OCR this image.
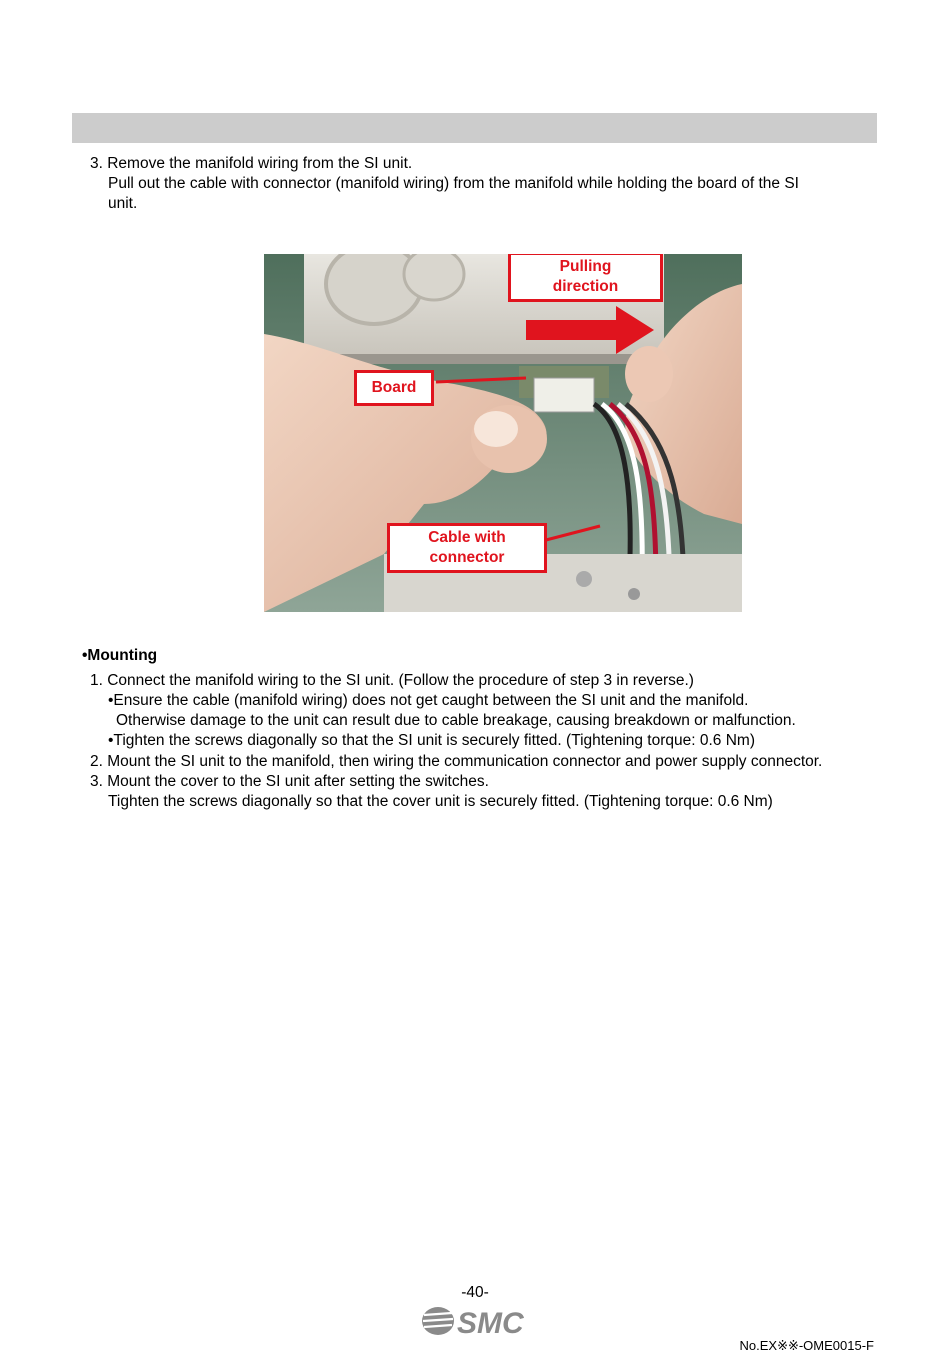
3. Remove the manifold wiring from the SI unit.
Pull out the cable with connector (manifold wiring) from the manifold while holding the board of the SI
unit.
Pulling
direction
Board
Cable with
connector
•Mounting
1. Connect the manifold wiring to the SI unit. (Follow the procedure of step 3 in reverse.)
•Ensure the cable (manifold wiring) does not get caught between the SI unit and the manifold.
Otherwise damage to the unit can result due to cable breakage, causing breakdown or malfunction.
•Tighten the screws diagonally so that the SI unit is securely fitted. (Tightening torque: 0.6 Nm)
2. Mount the SI unit to the manifold, then wiring the communication connector and power supply connector.
3. Mount the cover to the SI unit after setting the switches.
Tighten the screws diagonally so that the cover unit is securely fitted. (Tightening torque: 0.6 Nm)
-40-
SMC
No.EX※※-OME0015-F
